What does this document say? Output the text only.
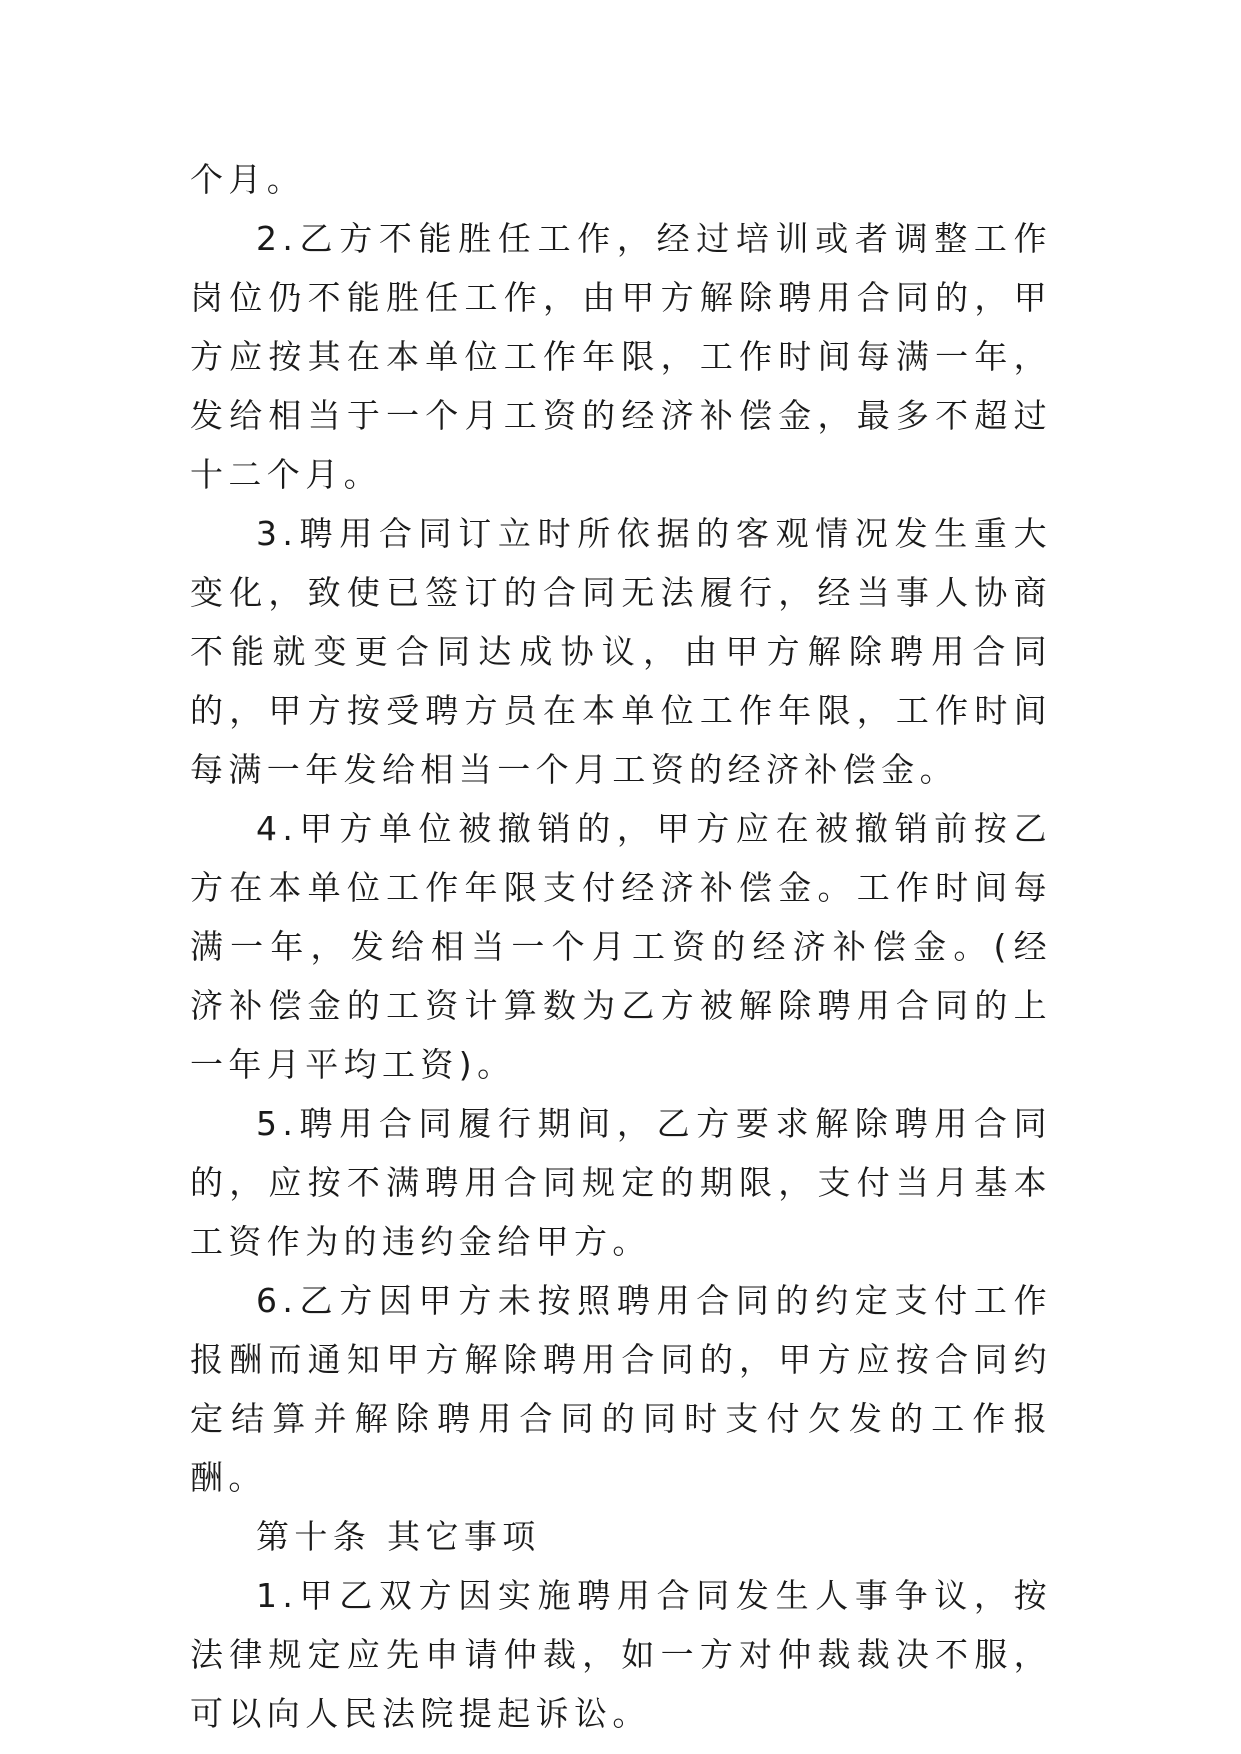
个月。

2.乙方不能胜任工作，经过培训或者调整工作岗位仍不能胜任工作，由甲方解除聘用合同的，甲方应按其在本单位工作年限，工作时间每满一年，发给相当于一个月工资的经济补偿金，最多不超过十二个月。

3.聘用合同订立时所依据的客观情况发生重大变化，致使已签订的合同无法履行，经当事人协商不能就变更合同达成协议，由甲方解除聘用合同的，甲方按受聘方员在本单位工作年限，工作时间每满一年发给相当一个月工资的经济补偿金。

4.甲方单位被撤销的，甲方应在被撤销前按乙方在本单位工作年限支付经济补偿金。工作时间每满一年，发给相当一个月工资的经济补偿金。(经济补偿金的工资计算数为乙方被解除聘用合同的上一年月平均工资)。

5.聘用合同履行期间，乙方要求解除聘用合同的，应按不满聘用合同规定的期限，支付当月基本工资作为的违约金给甲方。

6.乙方因甲方未按照聘用合同的约定支付工作报酬而通知甲方解除聘用合同的，甲方应按合同约定结算并解除聘用合同的同时支付欠发的工作报酬。

第十条 其它事项

1.甲乙双方因实施聘用合同发生人事争议，按法律规定应先申请仲裁，如一方对仲裁裁决不服，可以向人民法院提起诉讼。
